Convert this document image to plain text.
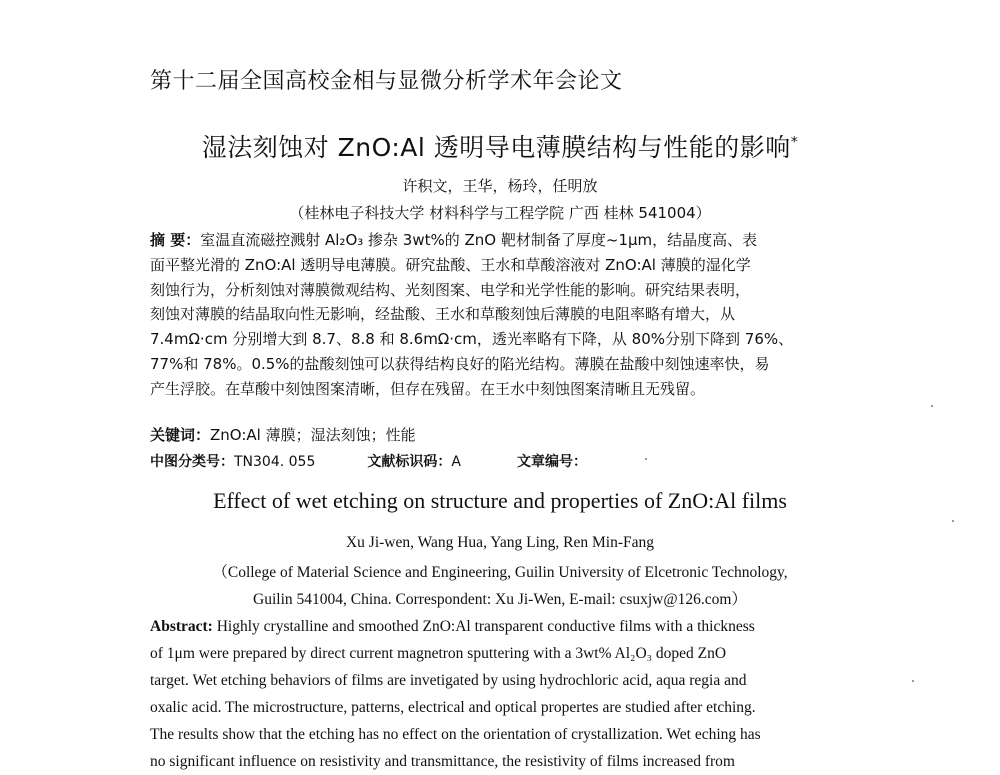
第十二届全国高校金相与显微分析学术年会论文
湿法刻蚀对 ZnO:Al 透明导电薄膜结构与性能的影响*
许积文，王华，杨玲，任明放
（桂林电子科技大学 材料科学与工程学院 广西 桂林 541004）
摘 要：室温直流磁控溅射 Al₂O₃ 掺杂 3wt%的 ZnO 靶材制备了厚度~1μm，结晶度高、表
面平整光滑的 ZnO:Al 透明导电薄膜。研究盐酸、王水和草酸溶液对 ZnO:Al 薄膜的湿化学
刻蚀行为，分析刻蚀对薄膜微观结构、光刻图案、电学和光学性能的影响。研究结果表明，
刻蚀对薄膜的结晶取向性无影响，经盐酸、王水和草酸刻蚀后薄膜的电阻率略有增大，从
7.4mΩ·cm 分别增大到 8.7、8.8 和 8.6mΩ·cm，透光率略有下降，从 80%分别下降到 76%、
77%和 78%。0.5%的盐酸刻蚀可以获得结构良好的陷光结构。薄膜在盐酸中刻蚀速率快，易
产生浮胶。在草酸中刻蚀图案清晰，但存在残留。在王水中刻蚀图案清晰且无残留。
关键词：ZnO:Al 薄膜；湿法刻蚀；性能
中图分类号：TN304. 055	文献标识码：A	文章编号：
Effect of wet etching on structure and properties of ZnO:Al films
Xu Ji-wen, Wang Hua, Yang Ling, Ren Min-Fang
（College of Material Science and Engineering, Guilin University of Elcetronic Technology,
Guilin 541004, China. Correspondent: Xu Ji-Wen, E-mail: csuxjw@126.com）
Abstract: Highly crystalline and smoothed ZnO:Al transparent conductive films with a thickness
of 1μm were prepared by direct current magnetron sputtering with a 3wt% Al₂O₃ doped ZnO
target. Wet etching behaviors of films are invetigated by using hydrochloric acid, aqua regia and
oxalic acid. The microstructure, patterns, electrical and optical propertes are studied after etching.
The results show that the etching has no effect on the orientation of crystallization. Wet eching has
no significant influence on resistivity and transmittance, the resistivity of films increased from
